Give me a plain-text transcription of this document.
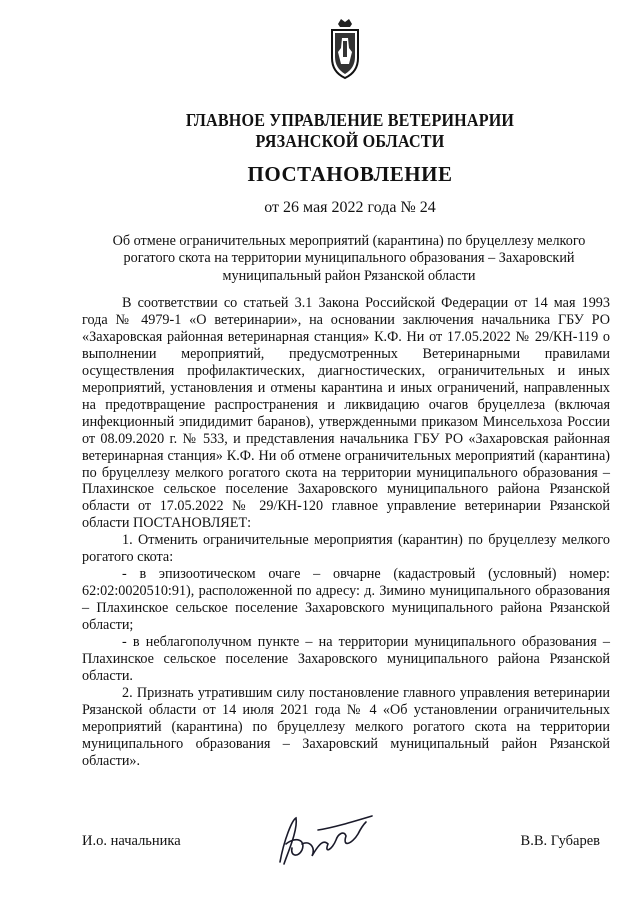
ГЛАВНОЕ УПРАВЛЕНИЕ ВЕТЕРИНАРИИ
РЯЗАНСКОЙ ОБЛАСТИ
ПОСТАНОВЛЕНИЕ
от 26 мая 2022 года № 24
Об отмене ограничительных мероприятий (карантина) по бруцеллезу мелкого
рогатого скота на территории муниципального образования – Захаровский
муниципальный район Рязанской области

В соответствии со статьей 3.1 Закона Российской Федерации от 14 мая 1993 года № 4979-1 «О ветеринарии», на основании заключения начальника ГБУ РО «Захаровская районная ветеринарная станция» К.Ф. Ни от 17.05.2022 № 29/КН-119 о выполнении мероприятий, предусмотренных Ветеринарными правилами осуществления профилактических, диагностических, ограничительных и иных мероприятий, установления и отмены карантина и иных ограничений, направленных на предотвращение распространения и ликвидацию очагов бруцеллеза (включая инфекционный эпидидимит баранов), утвержденными приказом Минсельхоза России от 08.09.2020 г. № 533, и представления начальника ГБУ РО «Захаровская районная ветеринарная станция» К.Ф. Ни об отмене ограничительных мероприятий (карантина) по бруцеллезу мелкого рогатого скота на территории муниципального образования – Плахинское сельское поселение Захаровского муниципального района Рязанской области от 17.05.2022 № 29/КН-120 главное управление ветеринарии Рязанской области ПОСТАНОВЛЯЕТ:

1. Отменить ограничительные мероприятия (карантин) по бруцеллезу мелкого рогатого скота:

- в эпизоотическом очаге – овчарне (кадастровый (условный) номер: 62:02:0020510:91), расположенной по адресу: д. Зимино муниципального образования – Плахинское сельское поселение Захаровского муниципального района Рязанской области;

- в неблагополучном пункте – на территории муниципального образования – Плахинское сельское поселение Захаровского муниципального района Рязанской области.

2. Признать утратившим силу постановление главного управления ветеринарии Рязанской области от 14 июля 2021 года № 4 «Об установлении ограничительных мероприятий (карантина) по бруцеллезу мелкого рогатого скота на территории муниципального образования – Захаровский муниципальный район Рязанской области».

И.о. начальника	В.В. Губарев
